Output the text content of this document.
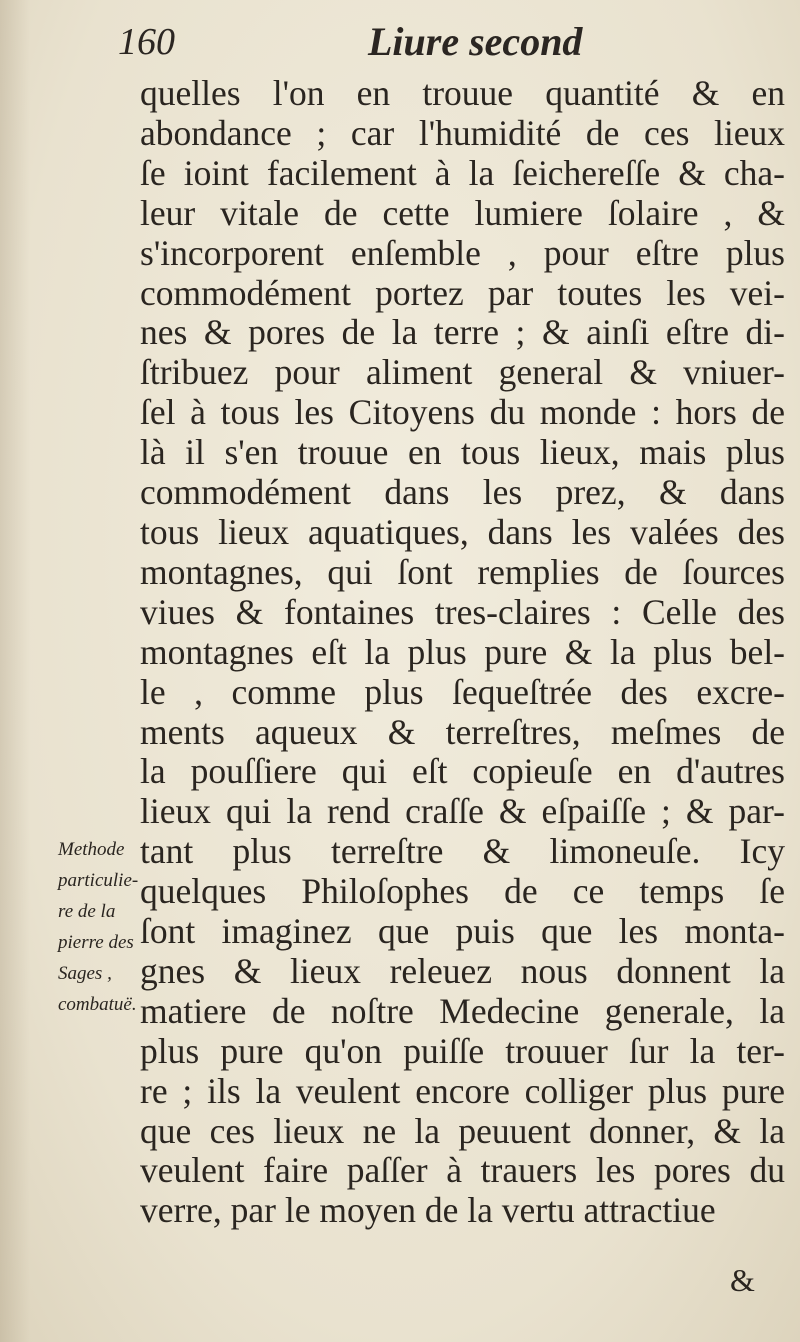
160	Liure second
quelles l'on en trouue quantité & en
abondance ; car l'humidité de ces lieux
ſe ioint facilement à la ſeichereſſe & cha-
leur vitale de cette lumiere ſolaire , &
s'incorporent enſemble , pour eſtre plus
commodément portez par toutes les vei-
nes & pores de la terre ; & ainſi eſtre di-
ſtribuez pour aliment general & vniuer-
ſel à tous les Citoyens du monde : hors de
là il s'en trouue en tous lieux, mais plus
commodément dans les prez, & dans
tous lieux aquatiques, dans les valées des
montagnes, qui ſont remplies de ſources
viues & fontaines tres-claires : Celle des
montagnes eſt la plus pure & la plus bel-
le , comme plus ſequeſtrée des excre-
ments aqueux & terreſtres, meſmes de
la pouſſiere qui eſt copieuſe en d'autres
lieux qui la rend craſſe & eſpaiſſe ; & par-
tant plus terreſtre & limoneuſe. Icy
quelques Philoſophes de ce temps ſe
ſont imaginez que puis que les monta-
gnes & lieux releuez nous donnent la
matiere de noſtre Medecine generale, la
plus pure qu'on puiſſe trouuer ſur la ter-
re ; ils la veulent encore colliger plus pure
que ces lieux ne la peuuent donner, & la
veulent faire paſſer à trauers les pores du
verre, par le moyen de la vertu attractiue
&
Methode
particulie-
re de la
pierre des
Sages ,
combatuë.
